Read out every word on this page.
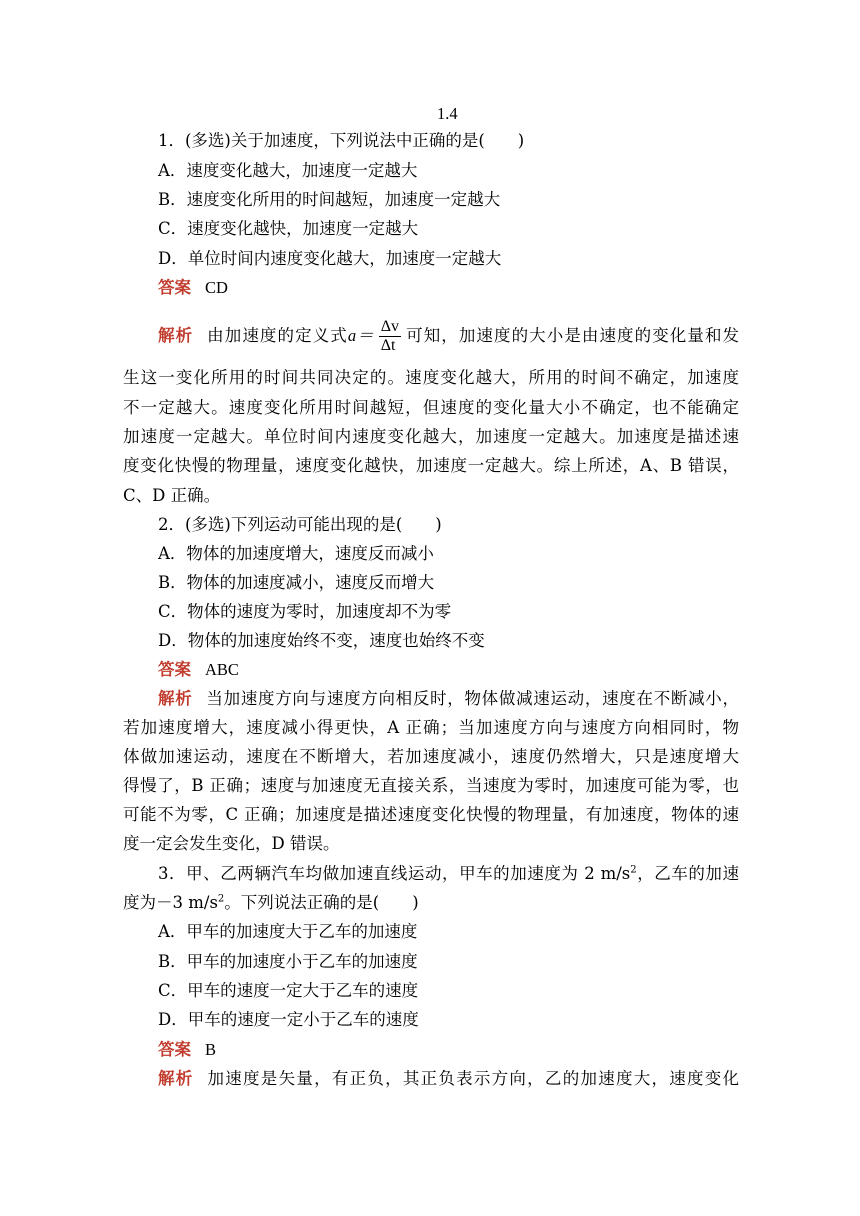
1.4
1．(多选)关于加速度，下列说法中正确的是(　　)
A．速度变化越大，加速度一定越大
B．速度变化所用的时间越短，加速度一定越大
C．速度变化越快，加速度一定越大
D．单位时间内速度变化越大，加速度一定越大
答案 CD
解析 由加速度的定义式$a= \frac{\Delta v}{\Delta t}$ 可知，加速度的大小是由速度的变化量和发
生这一变化所用的时间共同决定的。速度变化越大，所用的时间不确定，加速度
不一定越大。速度变化所用时间越短，但速度的变化量大小不确定，也不能确定
加速度一定越大。单位时间内速度变化越大，加速度一定越大。加速度是描述速
度变化快慢的物理量，速度变化越快，加速度一定越大。综上所述，A、B 错误，
C、D 正确。
2．(多选)下列运动可能出现的是(　　)
A．物体的加速度增大，速度反而减小
B．物体的加速度减小，速度反而增大
C．物体的速度为零时，加速度却不为零
D．物体的加速度始终不变，速度也始终不变
答案 ABC
解析 当加速度方向与速度方向相反时，物体做减速运动，速度在不断减小，
若加速度增大，速度减小得更快，A 正确；当加速度方向与速度方向相同时，物
体做加速运动，速度在不断增大，若加速度减小，速度仍然增大，只是速度增大
得慢了，B 正确；速度与加速度无直接关系，当速度为零时，加速度可能为零，也
可能不为零，C 正确；加速度是描述速度变化快慢的物理量，有加速度，物体的速
度一定会发生变化，D 错误。
3．甲、乙两辆汽车均做加速直线运动，甲车的加速度为 2 $m/s^2$，乙车的加速
度为－3 $m/s^2$。下列说法正确的是(　　)
A．甲车的加速度大于乙车的加速度
B．甲车的加速度小于乙车的加速度
C．甲车的速度一定大于乙车的速度
D．甲车的速度一定小于乙车的速度
答案 B
解析 加速度是矢量，有正负，其正负表示方向，乙的加速度大，速度变化
